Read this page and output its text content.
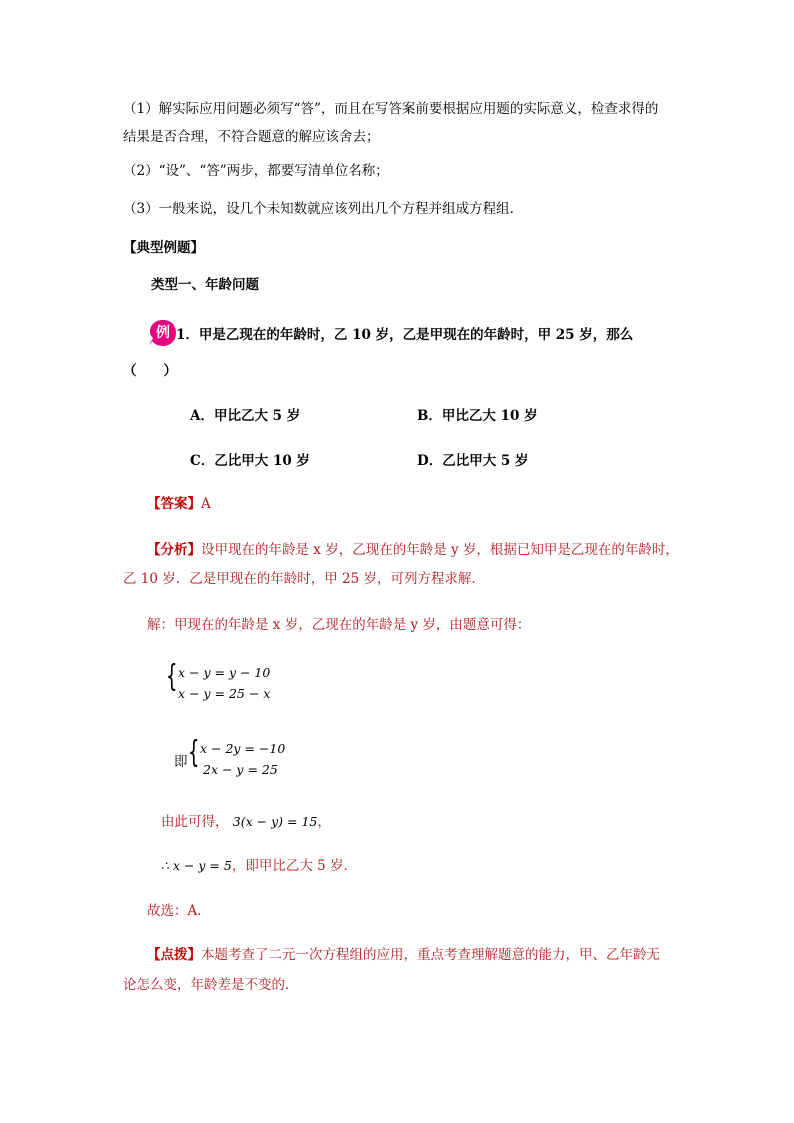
（1）解实际应用问题必须写“答”，而且在写答案前要根据应用题的实际意义，检查求得的
结果是否合理，不符合题意的解应该舍去；
（2）“设”、“答”两步，都要写清单位名称；
（3）一般来说，设几个未知数就应该列出几个方程并组成方程组.
【典型例题】
类型一、年龄问题
例 1．甲是乙现在的年龄时，乙 10 岁，乙是甲现在的年龄时，甲 25 岁，那么
（　　）
A．甲比乙大 5 岁	B．甲比乙大 10 岁
C．乙比甲大 10 岁	D．乙比甲大 5 岁
【答案】A
【分析】设甲现在的年龄是 x 岁，乙现在的年龄是 y 岁，根据已知甲是乙现在的年龄时，
乙 10 岁．乙是甲现在的年龄时，甲 25 岁，可列方程求解．
解：甲现在的年龄是 x 岁，乙现在的年龄是 y 岁，由题意可得：
{ x − y = y − 10
x − y = 25 − x
即 { x − 2y = −10
2x − y = 25
由此可得， 3(x − y) = 15，
∴ x − y = 5，即甲比乙大 5 岁．
故选：A．
【点拨】本题考查了二元一次方程组的应用，重点考查理解题意的能力，甲、乙年龄无
论怎么变，年龄差是不变的．
